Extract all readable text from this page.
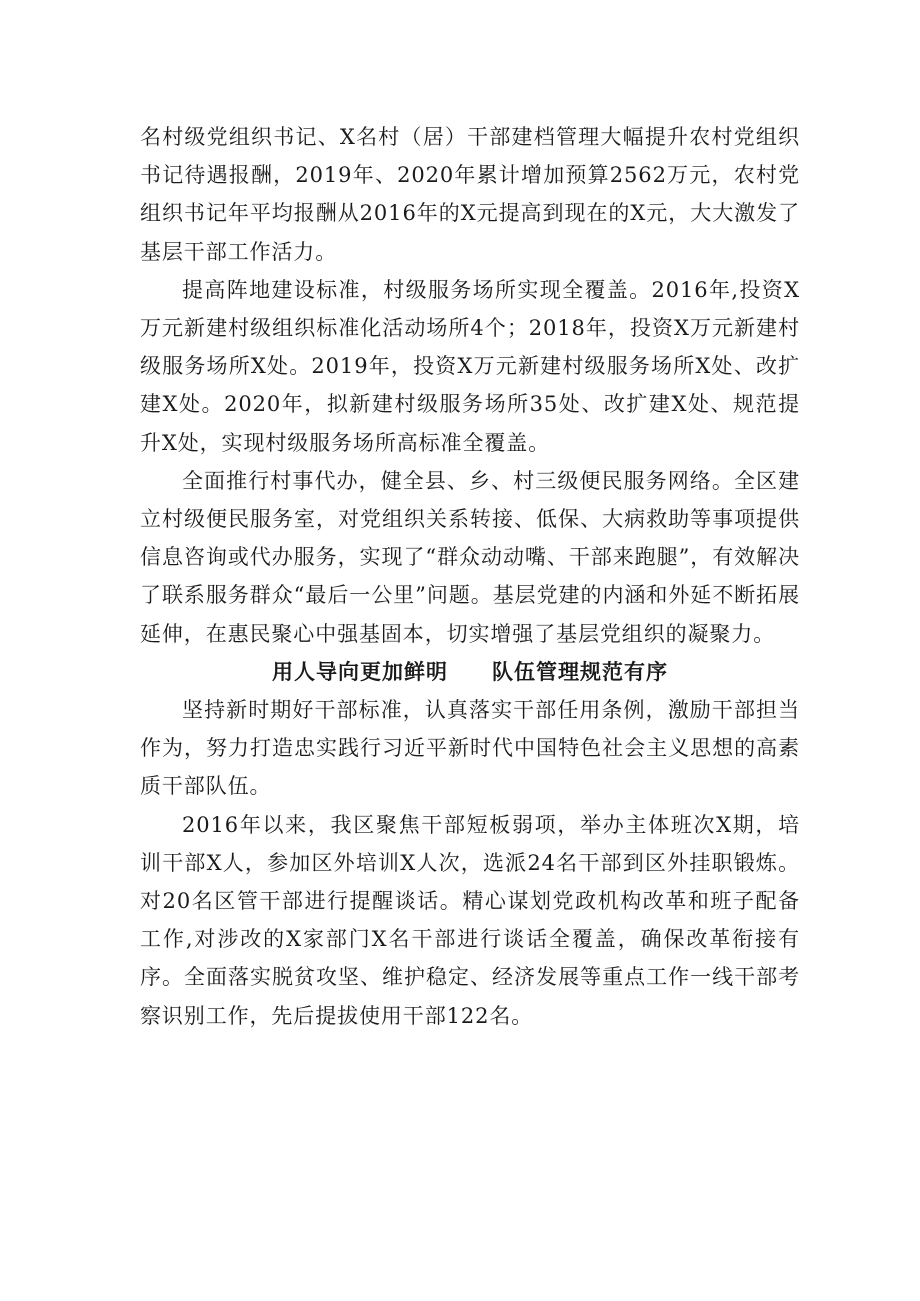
名村级党组织书记、X名村（居）干部建档管理大幅提升农村党组织书记待遇报酬，2019年、2020年累计增加预算2562万元，农村党组织书记年平均报酬从2016年的X元提高到现在的X元，大大激发了基层干部工作活力。

提高阵地建设标准，村级服务场所实现全覆盖。2016年,投资X万元新建村级组织标准化活动场所4个；2018年，投资X万元新建村级服务场所X处。2019年，投资X万元新建村级服务场所X处、改扩建X处。2020年，拟新建村级服务场所35处、改扩建X处、规范提升X处，实现村级服务场所高标准全覆盖。

全面推行村事代办，健全县、乡、村三级便民服务网络。全区建立村级便民服务室，对党组织关系转接、低保、大病救助等事项提供信息咨询或代办服务，实现了“群众动动嘴、干部来跑腿”，有效解决了联系服务群众“最后一公里”问题。基层党建的内涵和外延不断拓展延伸，在惠民聚心中强基固本，切实增强了基层党组织的凝聚力。

用人导向更加鲜明　　队伍管理规范有序

坚持新时期好干部标准，认真落实干部任用条例，激励干部担当作为，努力打造忠实践行习近平新时代中国特色社会主义思想的高素质干部队伍。

2016年以来，我区聚焦干部短板弱项，举办主体班次X期，培训干部X人，参加区外培训X人次，选派24名干部到区外挂职锻炼。对20名区管干部进行提醒谈话。精心谋划党政机构改革和班子配备工作,对涉改的X家部门X名干部进行谈话全覆盖，确保改革衔接有序。全面落实脱贫攻坚、维护稳定、经济发展等重点工作一线干部考察识别工作，先后提拔使用干部122名。
